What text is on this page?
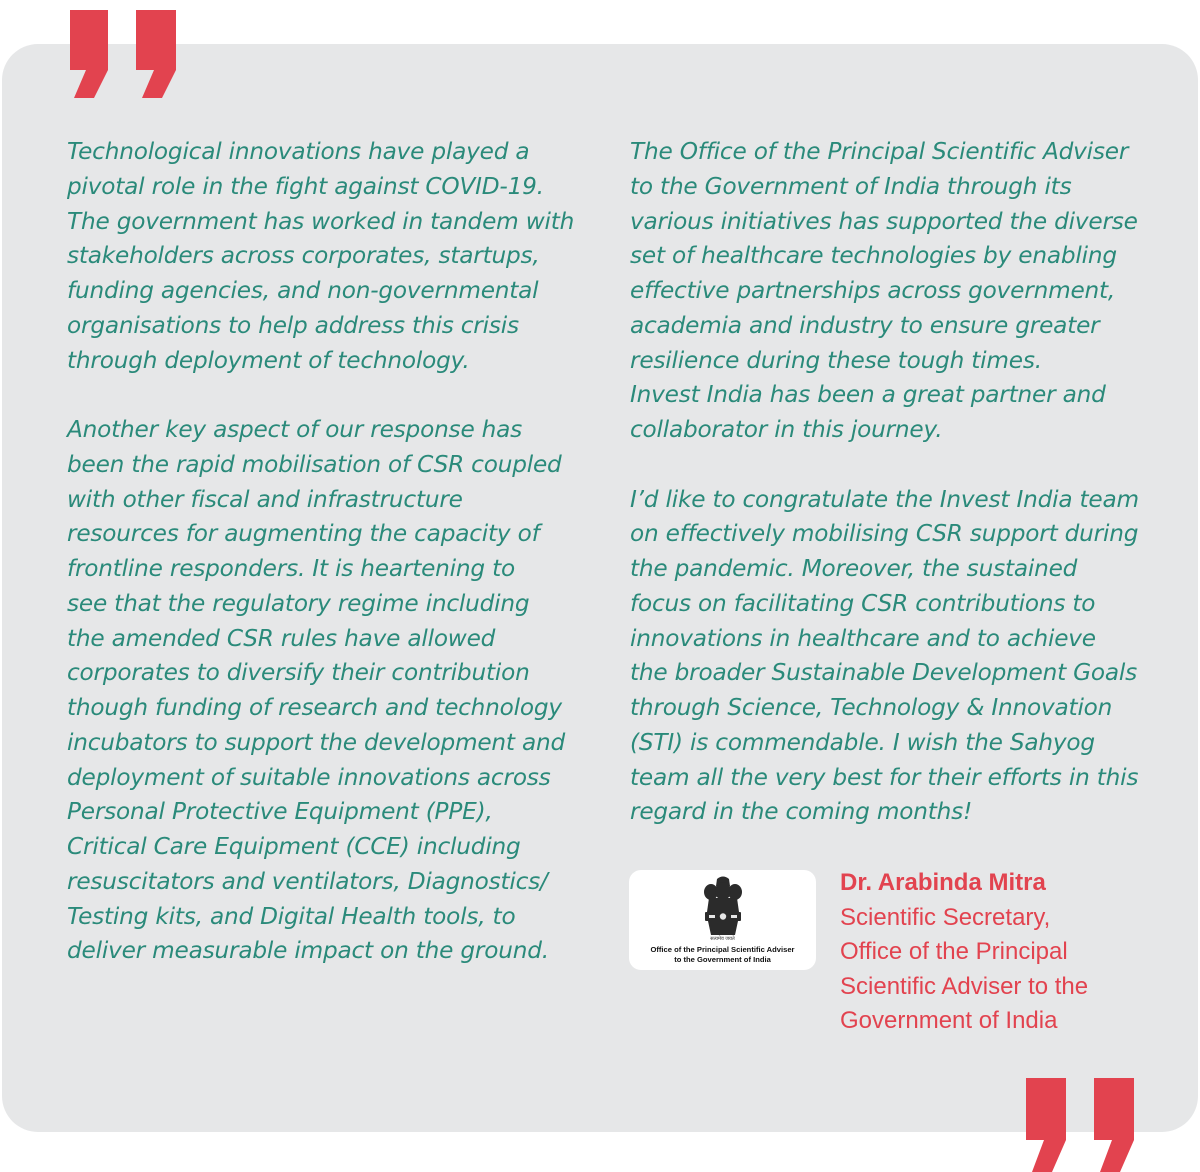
Technological innovations have played a
pivotal role in the fight against COVID-19.
The government has worked in tandem with
stakeholders across corporates, startups,
funding agencies, and non-governmental
organisations to help address this crisis
through deployment of technology.

Another key aspect of our response has
been the rapid mobilisation of CSR coupled
with other fiscal and infrastructure
resources for augmenting the capacity of
frontline responders. It is heartening to
see that the regulatory regime including
the amended CSR rules have allowed
corporates to diversify their contribution
though funding of research and technology
incubators to support the development and
deployment of suitable innovations across
Personal Protective Equipment (PPE),
Critical Care Equipment (CCE) including
resuscitators and ventilators, Diagnostics/
Testing kits, and Digital Health tools, to
deliver measurable impact on the ground.

The Office of the Principal Scientific Adviser
to the Government of India through its
various initiatives has supported the diverse
set of healthcare technologies by enabling
effective partnerships across government,
academia and industry to ensure greater
resilience during these tough times.
Invest India has been a great partner and
collaborator in this journey.

I’d like to congratulate the Invest India team
on effectively mobilising CSR support during
the pandemic. Moreover, the sustained
focus on facilitating CSR contributions to
innovations in healthcare and to achieve
the broader Sustainable Development Goals
through Science, Technology & Innovation
(STI) is commendable. I wish the Sahyog
team all the very best for their efforts in this
regard in the coming months!

सत्यमेव जयते
Office of the Principal Scientific Adviser
to the Government of India
Dr. Arabinda Mitra
Scientific Secretary,
Office of the Principal
Scientific Adviser to the
Government of India
